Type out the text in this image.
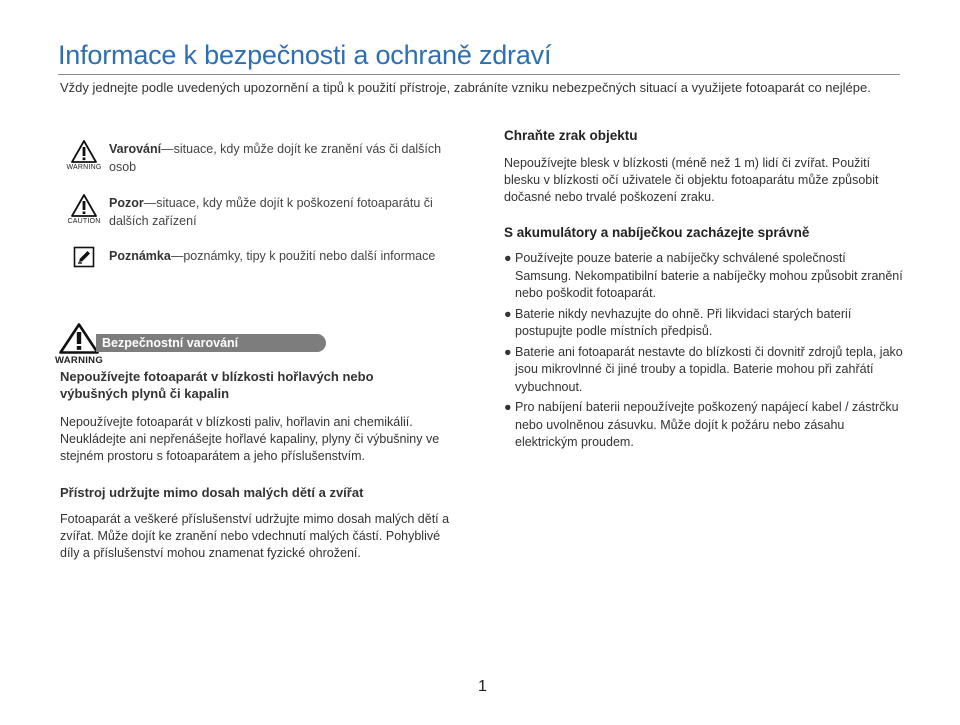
Informace k bezpečnosti a ochraně zdraví
Vždy jednejte podle uvedených upozornění a tipů k použití přístroje, zabráníte vzniku nebezpečných situací a využijete fotoaparát co nejlépe.
WARNING
Varování—situace, kdy může dojít ke zranění vás či dalších osob
CAUTION
Pozor—situace, kdy může dojít k poškození fotoaparátu či dalších zařízení
Poznámka—poznámky, tipy k použití nebo další informace
WARNING
Bezpečnostní varování
Nepoužívejte fotoaparát v blízkosti hořlavých nebo výbušných plynů či kapalin
Nepoužívejte fotoaparát v blízkosti paliv, hořlavin ani chemikálií. Neukládejte ani nepřenášejte hořlavé kapaliny, plyny či výbušniny ve stejném prostoru s fotoaparátem a jeho příslušenstvím.
Přístroj udržujte mimo dosah malých dětí a zvířat
Fotoaparát a veškeré příslušenství udržujte mimo dosah malých dětí a zvířat. Může dojít ke zranění nebo vdechnutí malých částí. Pohyblivé díly a příslušenství mohou znamenat fyzické ohrožení.
Chraňte zrak objektu
Nepoužívejte blesk v blízkosti (méně než 1 m) lidí či zvířat. Použití blesku v blízkosti očí uživatele či objektu fotoaparátu může způsobit dočasné nebo trvalé poškození zraku.
S akumulátory a nabíječkou zacházejte správně
● Používejte pouze baterie a nabíječky schválené společností Samsung. Nekompatibilní baterie a nabíječky mohou způsobit zranění nebo poškodit fotoaparát.
● Baterie nikdy nevhazujte do ohně. Při likvidaci starých baterií postupujte podle místních předpisů.
● Baterie ani fotoaparát nestavte do blízkosti či dovnitř zdrojů tepla, jako jsou mikrovlnné či jiné trouby a topidla. Baterie mohou při zahřátí vybuchnout.
● Pro nabíjení baterii nepoužívejte poškozený napájecí kabel / zástrčku nebo uvolněnou zásuvku. Může dojít k požáru nebo zásahu elektrickým proudem.
1
